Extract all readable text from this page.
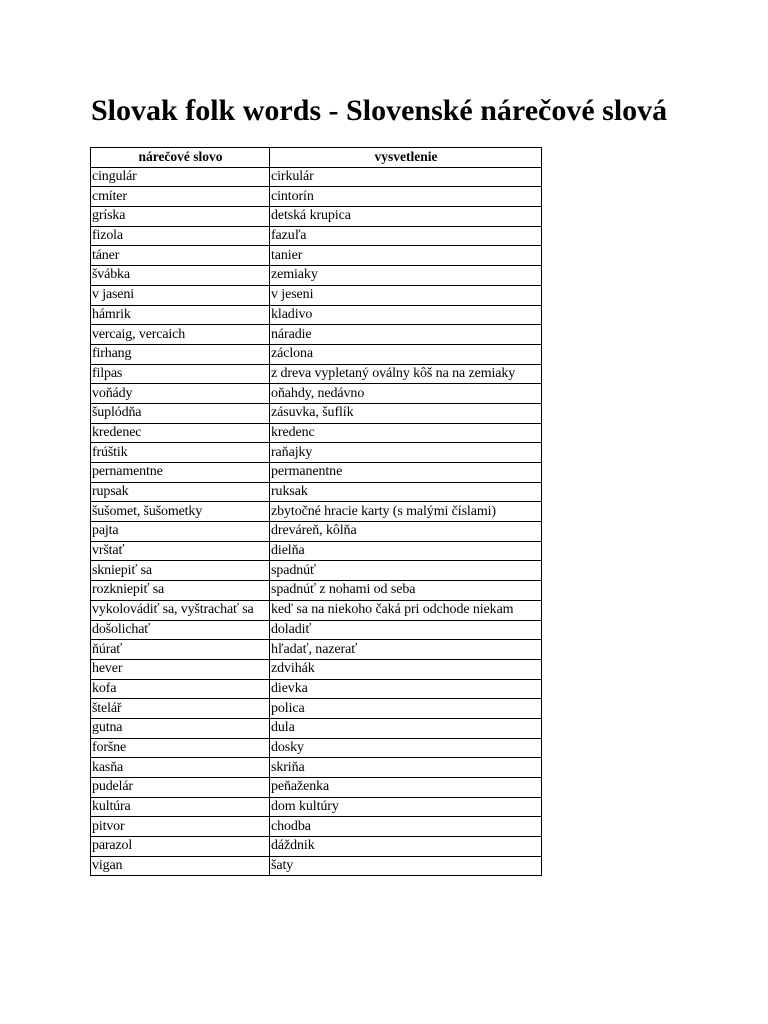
Slovak folk words - Slovenské nárečové slová
nárečové slovo	vysvetlenie
cingulár	cirkulár
cmíter	cintorín
gríska	detská krupica
fizola	fazuľa
táner	tanier
švábka	zemiaky
v jaseni	v jeseni
hámrik	kladivo
vercaig, vercaich	náradie
firhang	záclona
filpas	z dreva vypletaný oválny kôš na na zemiaky
voňády	oňahdy, nedávno
šuplódňa	zásuvka, šuflík
kredenec	kredenc
frúštik	raňajky
pernamentne	permanentne
rupsak	ruksak
šušomet, šušometky	zbytočné hracie karty (s malými číslami)
pajta	dreváreň, kôlňa
vrštať	dielňa
skniepiť sa	spadnúť
rozkniepiť sa	spadnúť z nohami od seba
vykolovádiť sa, vyštrachať sa	keď sa na niekoho čaká pri odchode niekam
došolichať	doladiť
ňúrať	hľadať, nazerať
hever	zdvihák
kofa	dievka
štelář	polica
gutna	dula
foršne	dosky
kasňa	skriňa
pudelár	peňaženka
kultúra	dom kultúry
pitvor	chodba
parazol	dáždnik
vigan	šaty
